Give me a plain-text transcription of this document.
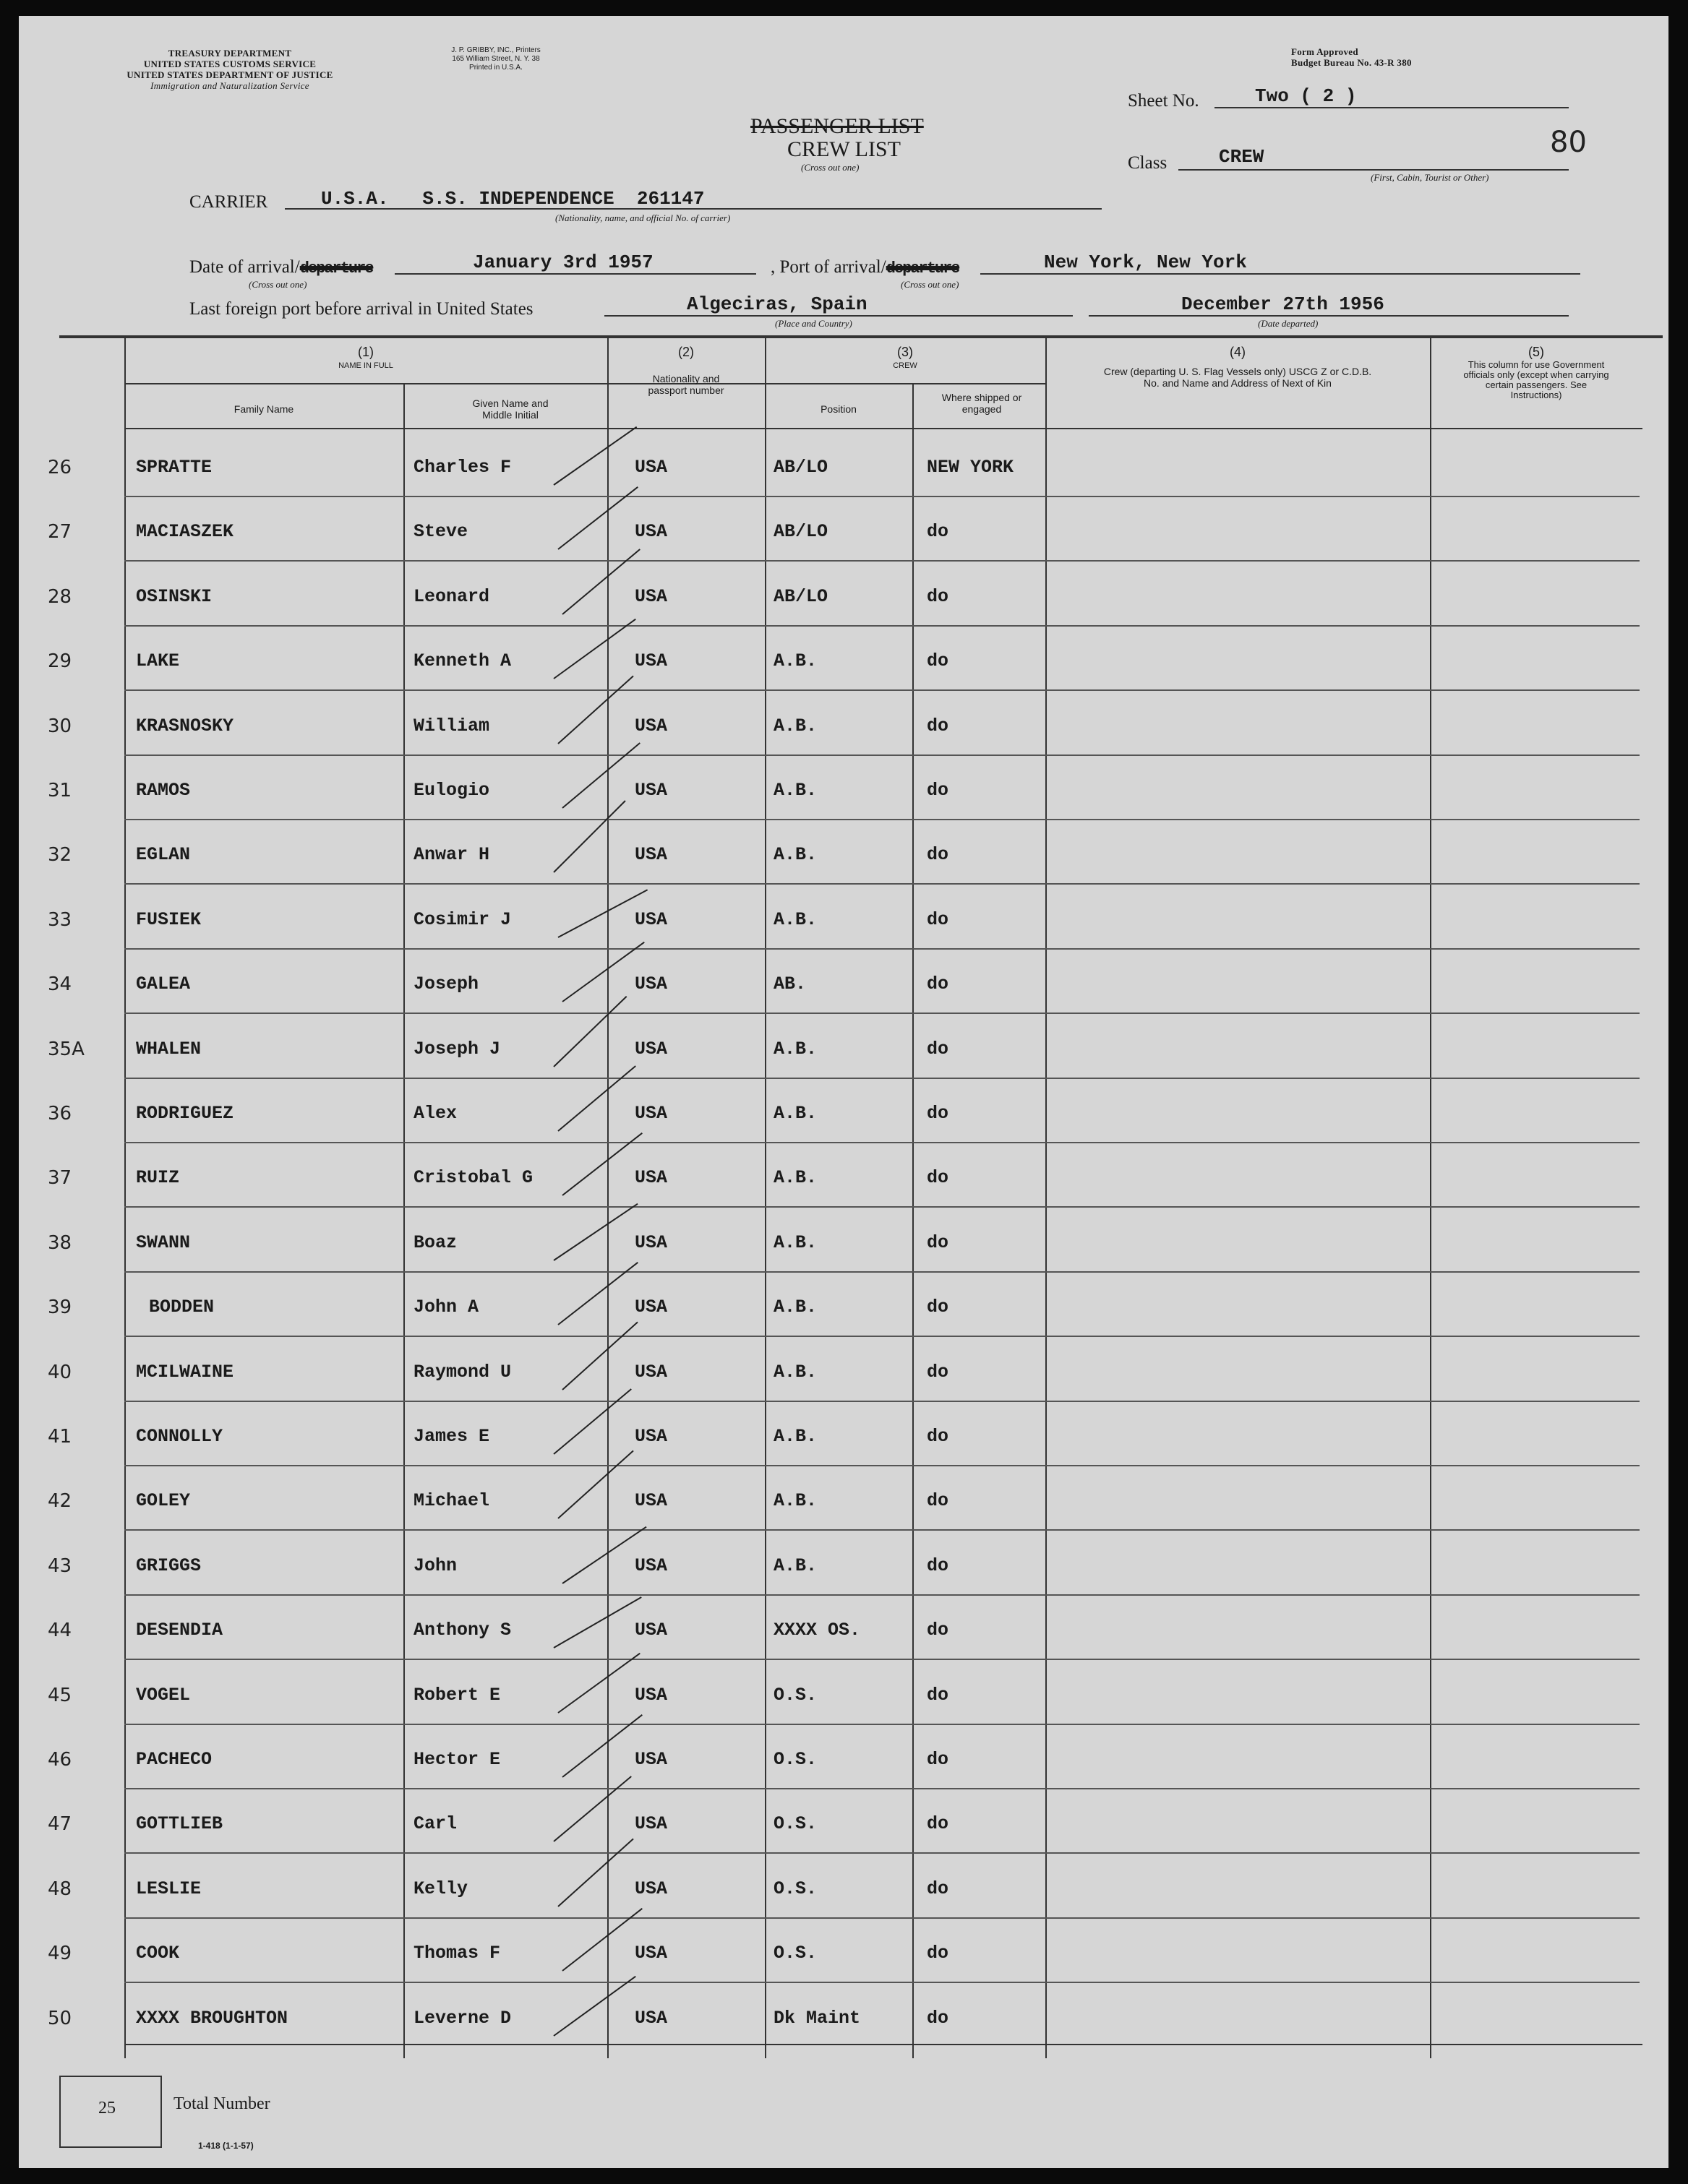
TREASURY DEPARTMENT
UNITED STATES CUSTOMS SERVICE
UNITED STATES DEPARTMENT OF JUSTICE
Immigration and Naturalization Service
J. P. GRIBBY, INC., Printers
165 William Street, N. Y. 38
Printed in U.S.A.
Form Approved
Budget Bureau No. 43-R 380
PASSENGER LIST
CREW LIST
(Cross out one)
Sheet No.	Two ( 2 )
80
Class	CREW
(First, Cabin, Tourist or Other)
CARRIER	U.S.A.   S.S. INDEPENDENCE  261147
(Nationality, name, and official No. of carrier)
Date of arrival/departure
(Cross out one)
January 3rd 1957	, Port of arrival/departure
(Cross out one)
New York, New York
Last foreign port before arrival in United States	Algeciras, Spain
(Place and Country)
December 27th 1956
(Date departed)
(1)
NAME IN FULL
Family Name	Given Name and Middle Initial
(2)
Nationality and passport number
(3)
CREW
Position
Where shipped or engaged
(4)
Crew (departing U. S. Flag Vessels only) USCG Z or C.D.B. No. and Name and Address of Next of Kin
(5)
This column for use Government officials only (except when carrying certain passengers. See Instructions)
26	SPRATTE	Charles F	USA	AB/LO	NEW YORK
27	MACIASZEK	Steve	USA	AB/LO	do
28	OSINSKI	Leonard	USA	AB/LO	do
29	LAKE	Kenneth A	USA	A.B.	do
30	KRASNOSKY	William	USA	A.B.	do
31	RAMOS	Eulogio	USA	A.B.	do
32	EGLAN	Anwar H	USA	A.B.	do
33	FUSIEK	Cosimir J	USA	A.B.	do
34	GALEA	Joseph	USA	AB.	do
35A	WHALEN	Joseph J	USA	A.B.	do
36	RODRIGUEZ	Alex	USA	A.B.	do
37	RUIZ	Cristobal G	USA	A.B.	do
38	SWANN	Boaz	USA	A.B.	do
39	BODDEN	John A	USA	A.B.	do
40	MCILWAINE	Raymond U	USA	A.B.	do
41	CONNOLLY	James E	USA	A.B.	do
42	GOLEY	Michael	USA	A.B.	do
43	GRIGGS	John	USA	A.B.	do
44	DESENDIA	Anthony S	USA	XXXX OS.	do
45	VOGEL	Robert E	USA	O.S.	do
46	PACHECO	Hector E	USA	O.S.	do
47	GOTTLIEB	Carl	USA	O.S.	do
48	LESLIE	Kelly	USA	O.S.	do
49	COOK	Thomas F	USA	O.S.	do
50	XXXX BROUGHTON	Leverne D	USA	Dk Maint	do
25	Total Number
1-418 (1-1-57)
